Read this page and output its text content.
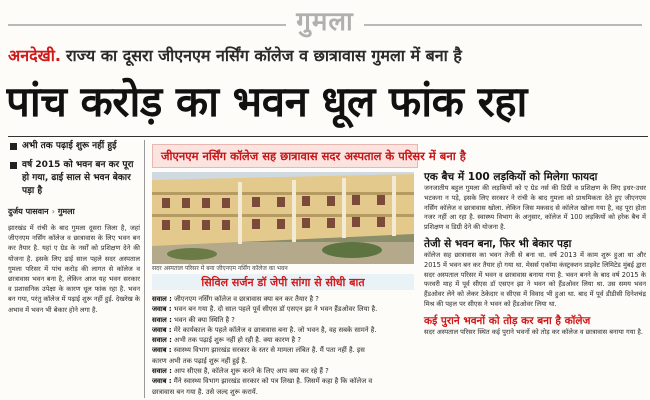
गुमला
अनदेखी. राज्य का दूसरा जीएनएम नर्सिंग कॉलेज व छात्रावास गुमला में बना है
पांच करोड़ का भवन धूल फांक रहा
अभी तक पढ़ाई शुरू नहीं हुई
वर्ष 2015 को भवन बन कर पूरा हो गया, ढाई साल से भवन बेकार पड़ा है
दुर्जय पासवान › गुमला

झारखंड में रांची के बाद गुमला दूसरा जिला है, जहां जीएनएम नर्सिंग कॉलेज व छात्रावास के लिए भवन बन कर तैयार है. यहां ए ग्रेड के नर्सों को प्रशिक्षण देने की योजना है. इसके लिए ढाई साल पहले सदर अस्पताल गुमला परिसर में पांच करोड़ की लागत से कॉलेज व छात्रावास भवन बना है, लेकिन आज यह भवन सरकार व प्रशासनिक उपेक्षा के कारण धूल फांक रहा है. भवन बन गया, परंतु कॉलेज में पढ़ाई शुरू नहीं हुई. देखरेख के अभाव में भवन भी बेकार होने लगा है.

जीएनएम नर्सिंग कॉलेज सह छात्रावास सदर अस्पताल के परिसर में बना है
सदर अस्पताल परिसर में बना जीएनएम नर्सिंग कॉलेज का भवन
सिविल सर्जन डॉ जेपी सांगा से सीधी बात

सवाल : जीएनएम नर्सिंग कॉलेज व छात्रावास क्या बन कर तैयार है ?

जवाब : भवन बन गया है. दो साल पहले पूर्व सीएस डॉ एसएन झा ने भवन हैंडओवर लिया है.

सवाल : भवन की क्या स्थिति है ?

जवाब : मेरे कार्यकाल के पहले कॉलेज व छात्रावास बना है. जो भवन है, वह सबके सामने है.

सवाल : अभी तक पढ़ाई शुरू नहीं हो रही है. क्या कारण है ?

जवाब : स्वास्थ्य विभाग झारखंड सरकार के स्तर से मामला लंबित है. मैं पता नहीं है. इस

कारण अभी तक पढ़ाई शुरू नहीं हुई है.

सवाल : आप सीएस है, कॉलेज शुरू करने के लिए आप क्या कर रहे हैं ?

जवाब : मैंने स्वास्थ्य विभाग झारखंड सरकार को पत्र लिखा है. जिसमें कहा है कि कॉलेज व

छात्रावास बन गया है. उसे जल्द शुरू करायें.

एक बैच में 100 लड़कियों को मिलेगा फायदा

जनजातीय बहुल गुमला की लड़कियों को ए ग्रेड नर्स की डिग्री व प्रशिक्षण के लिए इधर-उधर भटकना न पड़े, इसके लिए सरकार ने रांची के बाद गुमला को प्राथमिकता देते हुए जीएनएम नर्सिंग कॉलेज व छात्रावास खोला. लेकिन जिस मकसद से कॉलेज खोला गया है, वह पूरा होता नजर नहीं आ रहा है. स्वास्थ्य विभाग के अनुसार, कॉलेज में 100 लड़कियों को हरेक बैच में प्रशिक्षण व डिग्री देने की योजना है.

तेजी से भवन बना, फिर भी बेकार पड़ा

कॉलेज सह छात्रावास का भवन तेजी से बना था. वर्ष 2013 में काम शुरू हुआ था और 2015 में भवन बन कर तैयार हो गया था. मेसर्स एकॉमा कंस्ट्रक्शन प्राइवेट लिमिटेड मुंबई द्वारा सदर अस्पताल परिसर में भवन व छात्रावास बनाया गया है. भवन बनने के बाद वर्ष 2015 के फरवरी माह में पूर्व सीएस डॉ एसएन झा ने भवन को हैंडओवर लिया था. उस समय भवन हैंडओवर लेने को लेकर ठेकेदार व सीएस में विवाद भी हुआ था. बाद में पूर्व डीडीसी दिनेशचंद्र मिश्र की पहल पर सीएस ने भवन को हैंडओवर लिया था.

कई पुराने भवनों को तोड़ कर बना है कॉलेज

सदर अस्पताल परिसर स्थित कई पुराने भवनों को तोड़ कर कॉलेज व छात्रावास बनाया गया है.
